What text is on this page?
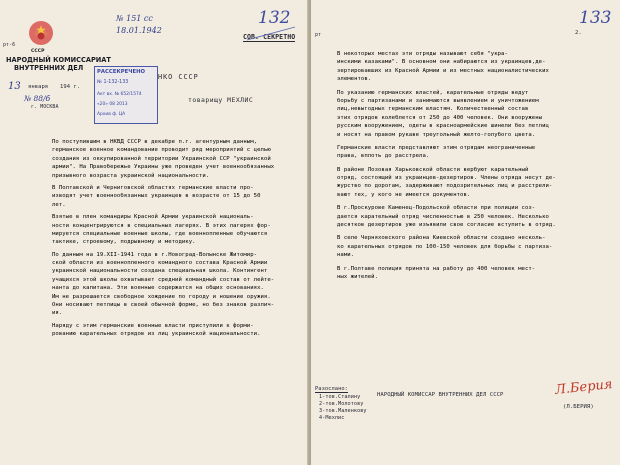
рт-6
СССР
НАРОДНЫЙ КОМИССАРИАТ
ВНУТРЕННИХ ДЕЛ
13 января 194 г.
№ 88/б
г. МОСКВА
РАССЕКРЕЧЕНО
№ 1-132-133
Акт вх. № 652/1574
«20» 08 2013
Архив ф. ЦА
№ 151 сс
18.01.1942
132
СОВ. СЕКРЕТНО
НКО СССР
товарищу МЕХЛИС

По поступившим в НКВД СССР в декабре п.г. агентурным данным,

германское военное командование проводит ряд мероприятий с целью

создания из оккупированной территории Украинской ССР "украинской

армии". На Правобережье Украины уже проведен учет военнообязанных

призывного возраста украинской национальности.

В Полтавской и Черниговской областях германские власти про-

изводят учет военнообязанных украинцев в возрасте от 15 до 50

лет.

Взятые в плен командиры Красной Армии украинской националь-

ности концентрируются в специальных лагерях. В этих лагерях фор-

мируется специальные военные школы, где военнопленные обучаются

тактике, строевому, подрывному и методику.

По данным на 19.XII-1941 года в г.Новоград-Волынске Житомир-

ской области из военнопленного командного состава Красной Армии

украинской национальности создана специальная школа. Контингент

учащихся этой школы охватывает средний командный состав от лейте-

нанта до капитана. Эти военные содержатся на общих основаниях.

Им не разрешается свободное хождение по городу и ношение оружия.

Они носивают петлицы в своей обычной форме, но без знаков различ-

ия.

Наряду с этим германские военные власти приступили к форми-

рованию карательных отрядов из лиц украинской национальности.

рт
133
2.

В некоторых местах эти отряды называют себя "укра-

инскими казаками". В основном они набираются из украинцев,де-

зертировавших из Красной Армии и из местных националистических

элементов.

По указанию германских властей, карательные отряды ведут

борьбу с партизанами и занимаются выявлением и уничтожением

лиц,невыгодных германским властям. Количественный состав

этих отрядов колеблется от 250 до 400 человек. Они вооружены

русским вооружением, одеты в красноармейские шинели без петлиц

и носят на правом рукаве треугольный желто-голубого цвета.

Германские власти представляют этим отрядам неограниченные

права, вплоть до расстрела.

В районе Лозовая Харьковской области вербуют карательный

отряд, состоящий из украинцев-дезертиров. Члены отряда несут де-

журство по дорогам, задерживают подозрительных лиц и расстрели-

вают тех, у кого не имеется документов.

В г.Проскурове Каменец-Подольской области при полиции соз-

дается карательный отряд численностью в 250 человек. Несколько

десятков дезертиров уже изъявили свое согласие вступить в отряд.

В селе Черняховского района Киевской области создано несколь-

ко карательных отрядов по 100-150 человек для борьбы с партиза-

нами.

В г.Полтаве полиция принята на работу до 400 человек мест-

ных жителей.

Разослано:
1-тов.Сталину
2-тов.Молотову
3-тов.Маленкову
4-Мехлис
НАРОДНЫЙ КОМИССАР ВНУТРЕННИХ ДЕЛ СССР	Л.Берия
(Л.БЕРИЯ)
